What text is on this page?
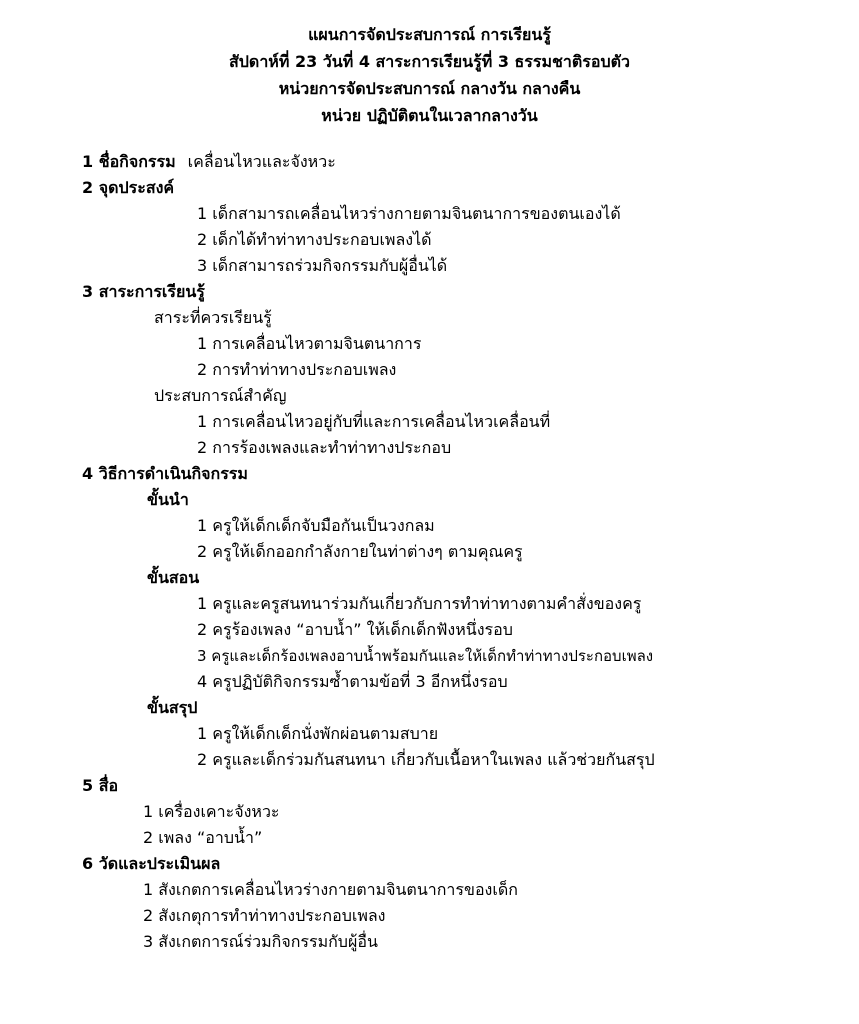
แผนการจัดประสบการณ์ การเรียนรู้
สัปดาห์ที่ 23 วันที่ 4 สาระการเรียนรู้ที่ 3 ธรรมชาติรอบตัว
หน่วยการจัดประสบการณ์ กลางวัน กลางคืน
หน่วย ปฏิบัติตนในเวลากลางวัน
1 ชื่อกิจกรรม เคลื่อนไหวและจังหวะ
2 จุดประสงค์
1 เด็กสามารถเคลื่อนไหวร่างกายตามจินตนาการของตนเองได้
2 เด็กได้ทำท่าทางประกอบเพลงได้
3 เด็กสามารถร่วมกิจกรรมกับผู้อื่นได้
3 สาระการเรียนรู้
สาระที่ควรเรียนรู้
1 การเคลื่อนไหวตามจินตนาการ
2 การทำท่าทางประกอบเพลง
ประสบการณ์สำคัญ
1 การเคลื่อนไหวอยู่กับที่และการเคลื่อนไหวเคลื่อนที่
2 การร้องเพลงและทำท่าทางประกอบ
4 วิธีการดำเนินกิจกรรม
ขั้นนำ
1 ครูให้เด็กเด็กจับมือกันเป็นวงกลม
2 ครูให้เด็กออกกำลังกายในท่าต่างๆ ตามคุณครู
ขั้นสอน
1 ครูและครูสนทนาร่วมกันเกี่ยวกับการทำท่าทางตามคำสั่งของครู
2 ครูร้องเพลง “อาบน้ำ” ให้เด็กเด็กฟังหนึ่งรอบ
3 ครูและเด็กร้องเพลงอาบน้ำพร้อมกันและให้เด็กทำท่าทางประกอบเพลง
4 ครูปฏิบัติกิจกรรมซ้ำตามข้อที่ 3 อีกหนึ่งรอบ
ขั้นสรุป
1 ครูให้เด็กเด็กนั่งพักผ่อนตามสบาย
2 ครูและเด็กร่วมกันสนทนา เกี่ยวกับเนื้อหาในเพลง แล้วช่วยกันสรุป
5 สื่อ
1 เครื่องเคาะจังหวะ
2 เพลง “อาบน้ำ”
6 วัดและประเมินผล
1 สังเกตการเคลื่อนไหวร่างกายตามจินตนาการของเด็ก
2 สังเกตุการทำท่าทางประกอบเพลง
3 สังเกตการณ์ร่วมกิจกรรมกับผู้อื่น
